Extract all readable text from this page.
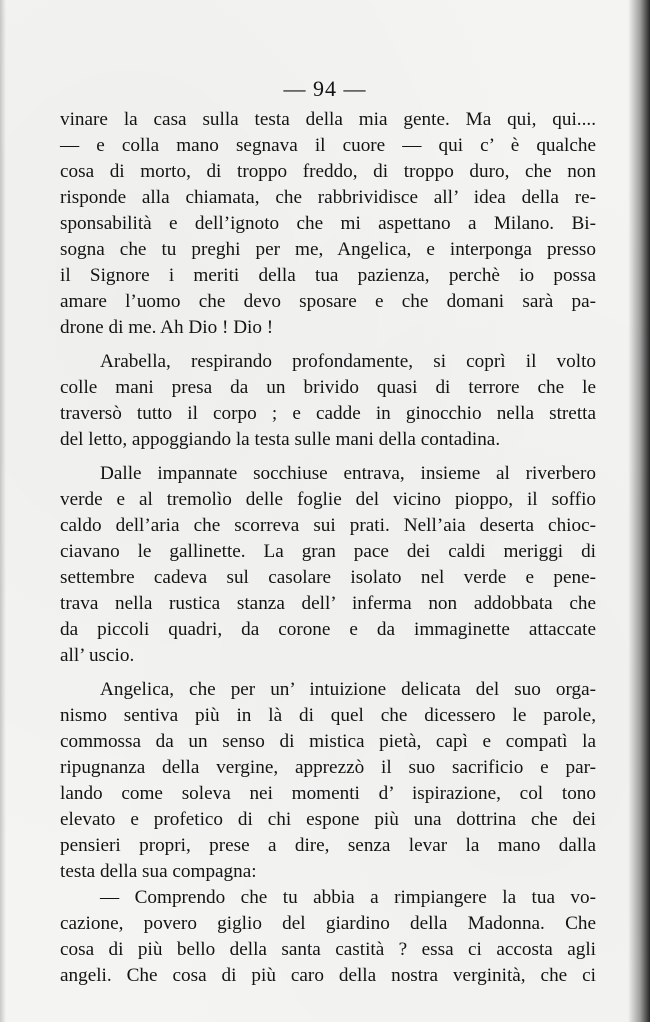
— 94 —
vinare la casa sulla testa della mia gente. Ma qui, qui....
— e colla mano segnava il cuore — qui c’ è qualche
cosa di morto, di troppo freddo, di troppo duro, che non
risponde alla chiamata, che rabbrividisce all’ idea della re-
sponsabilità e dell’ignoto che mi aspettano a Milano. Bi-
sogna che tu preghi per me, Angelica, e interponga presso
il Signore i meriti della tua pazienza, perchè io possa
amare l’uomo che devo sposare e che domani sarà pa-
drone di me. Ah Dio ! Dio !
Arabella, respirando profondamente, si coprì il volto
colle mani presa da un brivido quasi di terrore che le
traversò tutto il corpo ; e cadde in ginocchio nella stretta
del letto, appoggiando la testa sulle mani della contadina.
Dalle impannate socchiuse entrava, insieme al riverbero
verde e al tremolìo delle foglie del vicino pioppo, il soffio
caldo dell’aria che scorreva sui prati. Nell’aia deserta chioc-
ciavano le gallinette. La gran pace dei caldi meriggi di
settembre cadeva sul casolare isolato nel verde e pene-
trava nella rustica stanza dell’ inferma non addobbata che
da piccoli quadri, da corone e da immaginette attaccate
all’ uscio.
Angelica, che per un’ intuizione delicata del suo orga-
nismo sentiva più in là di quel che dicessero le parole,
commossa da un senso di mistica pietà, capì e compatì la
ripugnanza della vergine, apprezzò il suo sacrificio e par-
lando come soleva nei momenti d’ ispirazione, col tono
elevato e profetico di chi espone più una dottrina che dei
pensieri propri, prese a dire, senza levar la mano dalla
testa della sua compagna:
— Comprendo che tu abbia a rimpiangere la tua vo-
cazione, povero giglio del giardino della Madonna. Che
cosa di più bello della santa castità ? essa ci accosta agli
angeli. Che cosa di più caro della nostra verginità, che ci
